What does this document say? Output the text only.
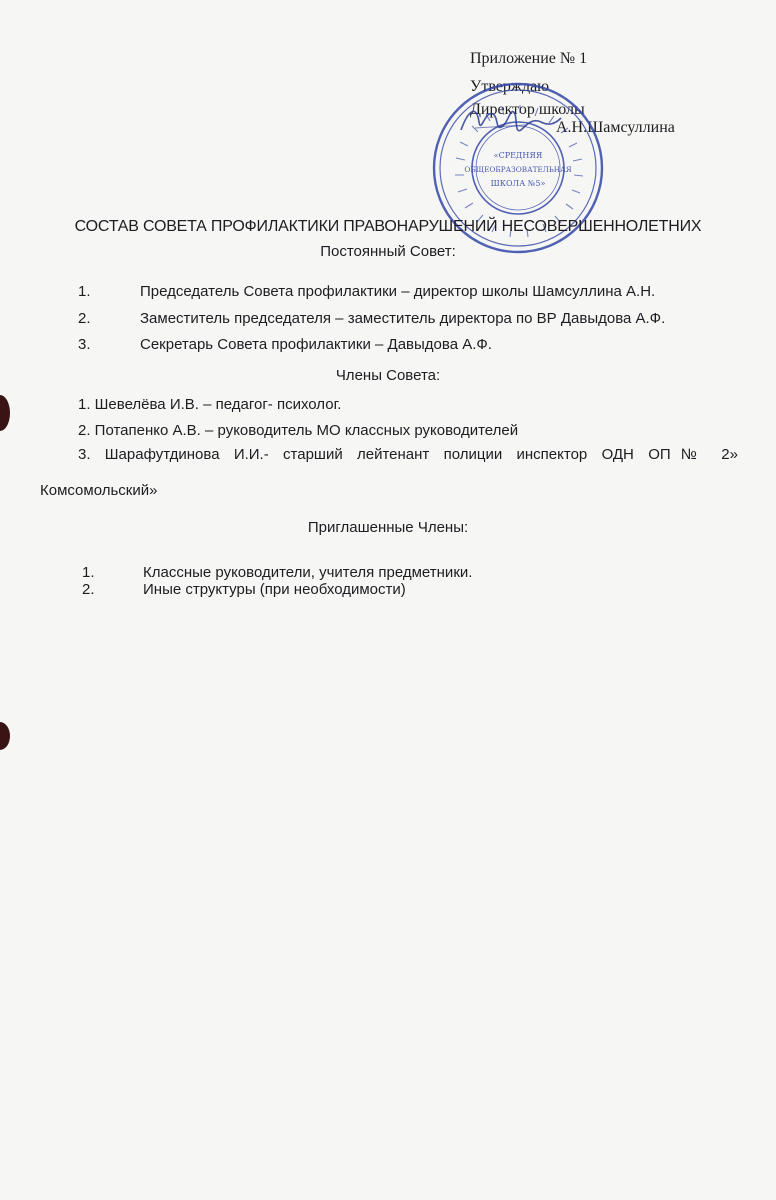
Приложение № 1
Утверждаю
Директор школы
А.Н.Шамсуллина
«СРЕДНЯЯ
ОБЩЕОБРАЗОВАТЕЛЬНАЯ
ШКОЛА №5»
СОСТАВ СОВЕТА ПРОФИЛАКТИКИ ПРАВОНАРУШЕНИЙ НЕСОВЕРШЕННОЛЕТНИХ
Постоянный Совет:
1.	Председатель Совета профилактики – директор школы Шамсуллина А.Н.
2.	Заместитель председателя – заместитель директора по ВР Давыдова А.Ф.
3.	Секретарь Совета профилактики – Давыдова А.Ф.
Члены Совета:
1. Шевелёва И.В. – педагог- психолог.
2. Потапенко А.В. – руководитель МО классных руководителей
3. Шарафутдинова И.И.- старший лейтенант полиции инспектор ОДН ОП№ 2»
Комсомольский»
Приглашенные Члены:
1.	Классные руководители, учителя предметники.
2.	Иные структуры (при необходимости)
